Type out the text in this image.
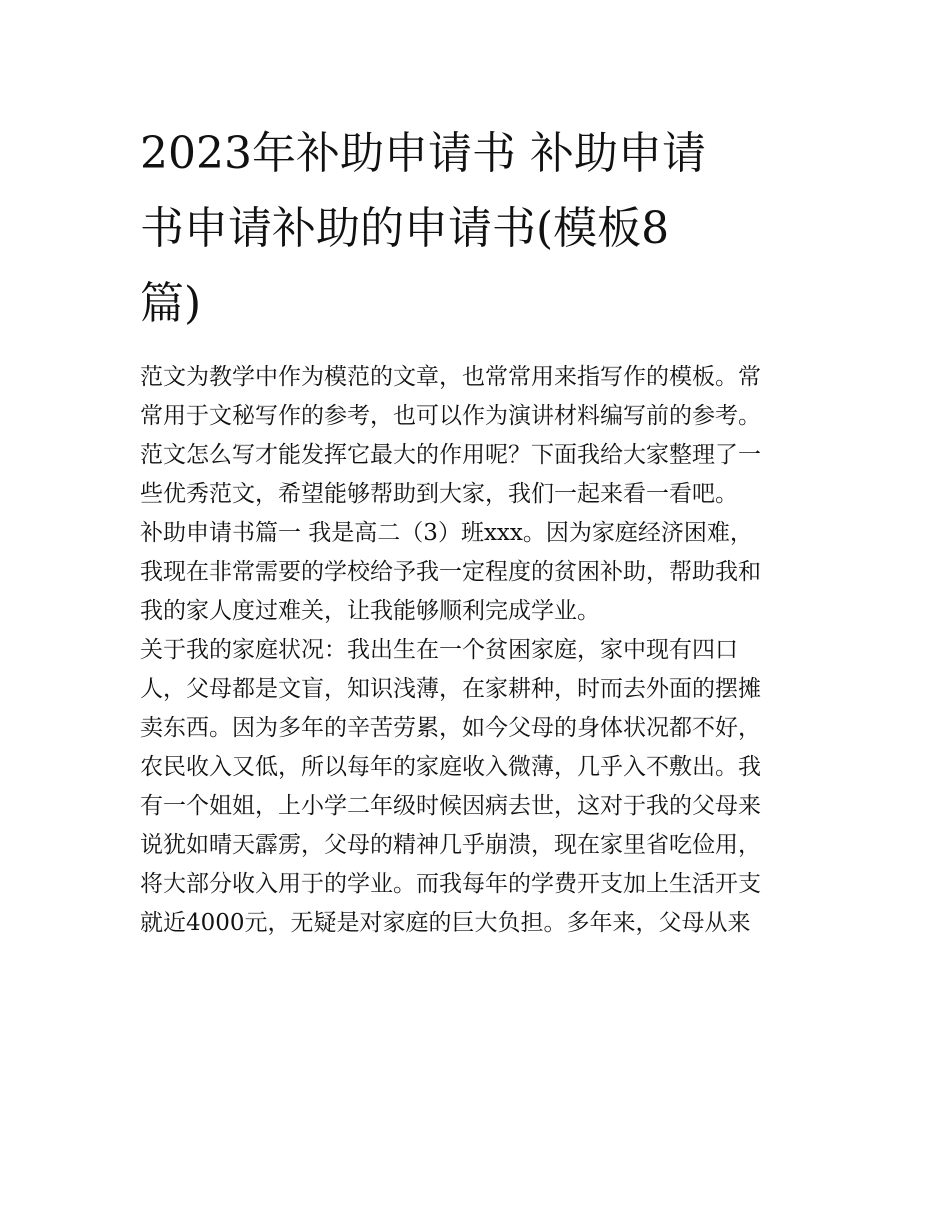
2023年补助申请书 补助申请
书申请补助的申请书(模板8
篇)
范文为教学中作为模范的文章，也常常用来指写作的模板。常
常用于文秘写作的参考，也可以作为演讲材料编写前的参考。
范文怎么写才能发挥它最大的作用呢？下面我给大家整理了一
些优秀范文，希望能够帮助到大家，我们一起来看一看吧。
补助申请书篇一 我是高二（3）班xxx。因为家庭经济困难，
我现在非常需要的学校给予我一定程度的贫困补助，帮助我和
我的家人度过难关，让我能够顺利完成学业。
关于我的家庭状况：我出生在一个贫困家庭，家中现有四口
人，父母都是文盲，知识浅薄，在家耕种，时而去外面的摆摊
卖东西。因为多年的辛苦劳累，如今父母的身体状况都不好，
农民收入又低，所以每年的家庭收入微薄，几乎入不敷出。我
有一个姐姐，上小学二年级时候因病去世，这对于我的父母来
说犹如晴天霹雳，父母的精神几乎崩溃，现在家里省吃俭用，
将大部分收入用于的学业。而我每年的学费开支加上生活开支
就近4000元，无疑是对家庭的巨大负担。多年来，父母从来
